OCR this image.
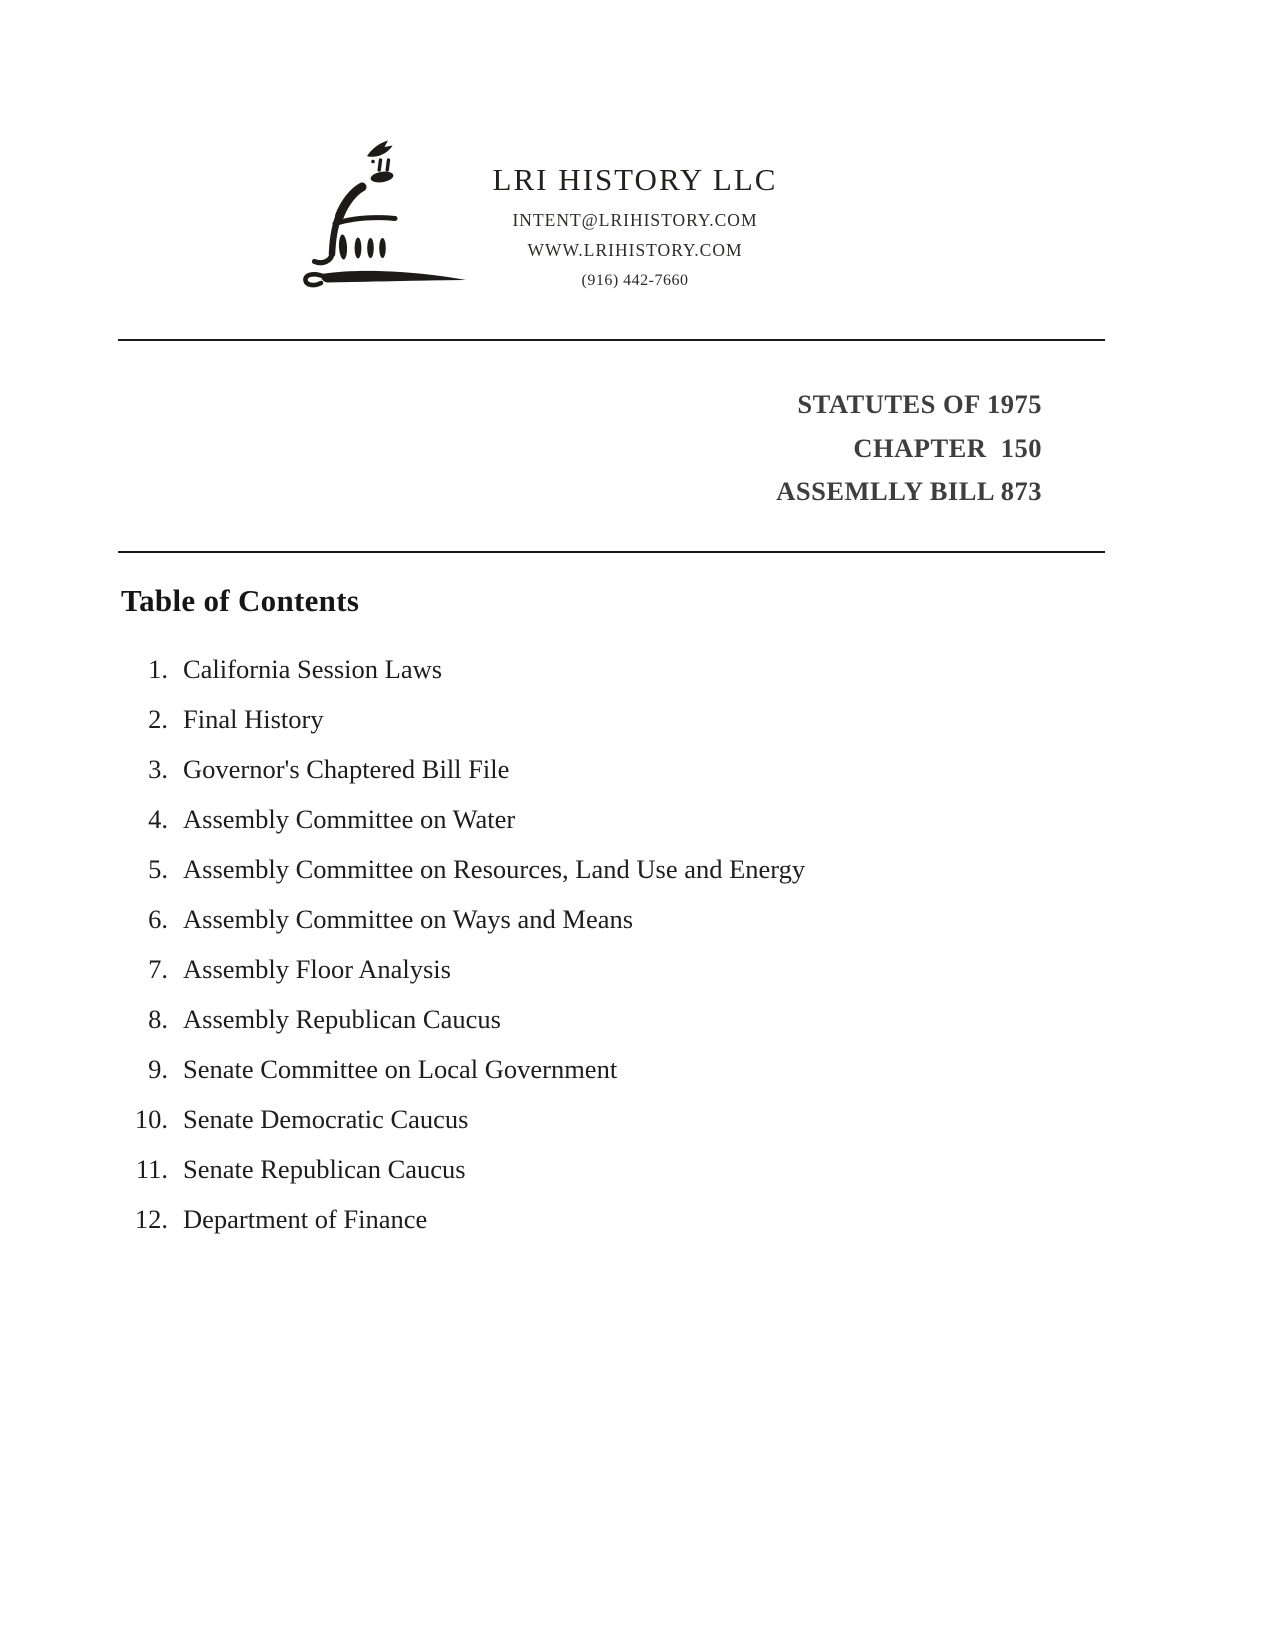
LRI HISTORY LLC
INTENT@LRIHISTORY.COM
WWW.LRIHISTORY.COM
(916) 442-7660
STATUTES OF 1975
CHAPTER  150
ASSEMLLY BILL 873
Table of Contents
1. California Session Laws
2. Final History
3. Governor's Chaptered Bill File
4. Assembly Committee on Water
5. Assembly Committee on Resources, Land Use and Energy
6. Assembly Committee on Ways and Means
7. Assembly Floor Analysis
8. Assembly Republican Caucus
9. Senate Committee on Local Government
10. Senate Democratic Caucus
11. Senate Republican Caucus
12. Department of Finance
